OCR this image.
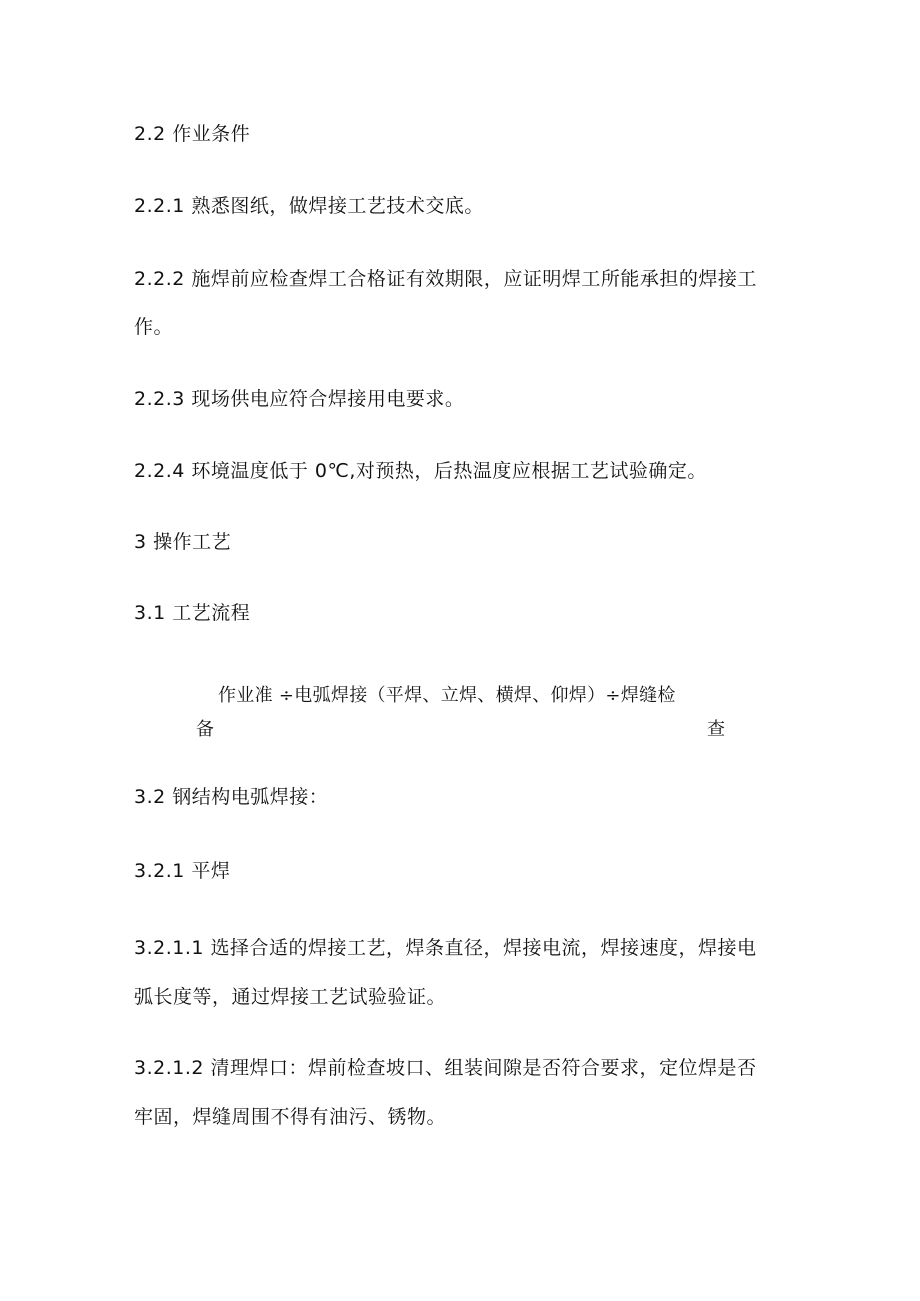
2.2 作业条件
2.2.1 熟悉图纸，做焊接工艺技术交底。
2.2.2 施焊前应检查焊工合格证有效期限，应证明焊工所能承担的焊接工
作。
2.2.3 现场供电应符合焊接用电要求。
2.2.4 环境温度低于 0℃,对预热，后热温度应根据工艺试验确定。
3 操作工艺
3.1 工艺流程
作业准 ÷电弧焊接（平焊、立焊、横焊、仰焊）÷焊缝检
备	查
3.2 钢结构电弧焊接：
3.2.1 平焊
3.2.1.1 选择合适的焊接工艺，焊条直径，焊接电流，焊接速度，焊接电
弧长度等，通过焊接工艺试验验证。
3.2.1.2 清理焊口：焊前检查坡口、组装间隙是否符合要求，定位焊是否
牢固，焊缝周围不得有油污、锈物。
